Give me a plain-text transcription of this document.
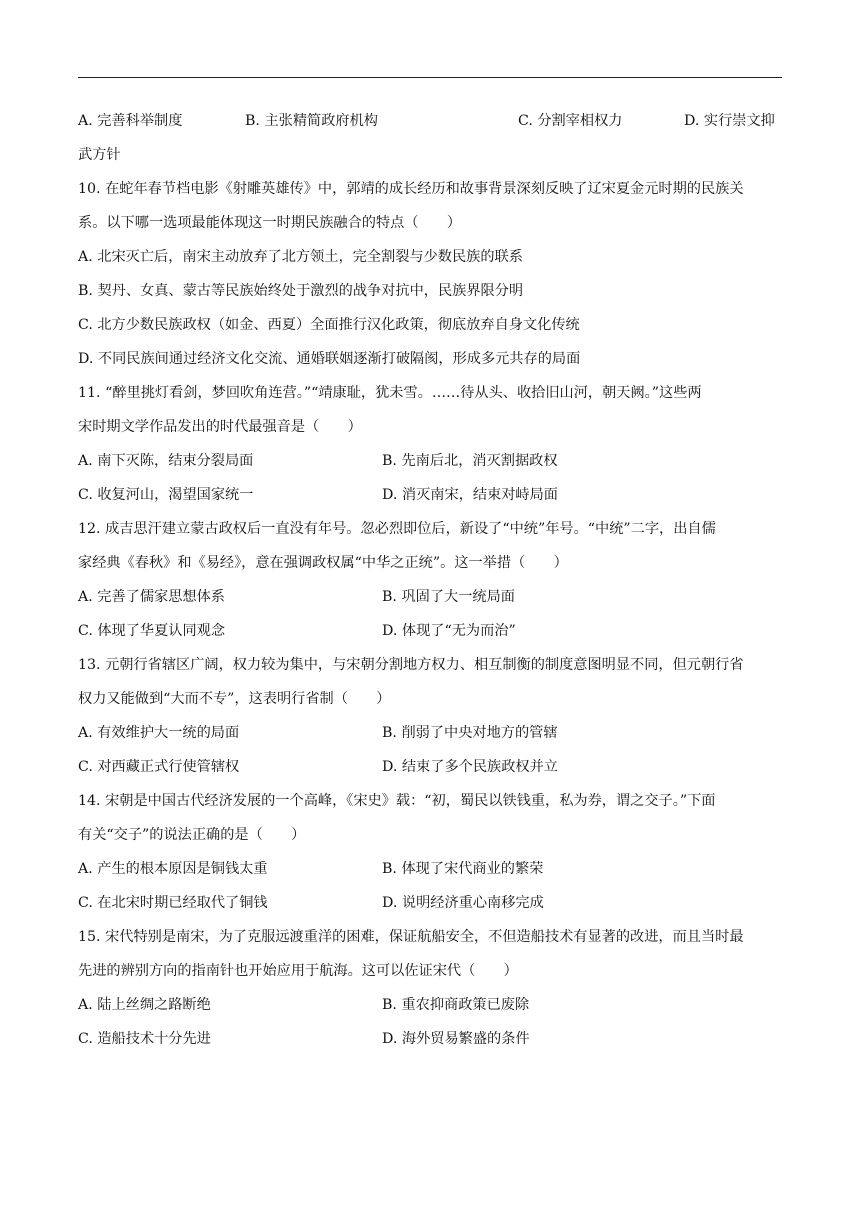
A. 完善科举制度	B. 主张精简政府机构	C. 分割宰相权力	D. 实行崇文抑
武方针
10. 在蛇年春节档电影《射雕英雄传》中，郭靖的成长经历和故事背景深刻反映了辽宋夏金元时期的民族关
系。以下哪一选项最能体现这一时期民族融合的特点（　　）
A. 北宋灭亡后，南宋主动放弃了北方领土，完全割裂与少数民族的联系
B. 契丹、女真、蒙古等民族始终处于激烈的战争对抗中，民族界限分明
C. 北方少数民族政权（如金、西夏）全面推行汉化政策，彻底放弃自身文化传统
D. 不同民族间通过经济文化交流、通婚联姻逐渐打破隔阂，形成多元共存的局面
11. “醉里挑灯看剑，梦回吹角连营。”“靖康耻，犹未雪。……待从头、收拾旧山河，朝天阙。”这些两
宋时期文学作品发出的时代最强音是（　　）
A. 南下灭陈，结束分裂局面	B. 先南后北，消灭割据政权
C. 收复河山，渴望国家统一	D. 消灭南宋，结束对峙局面
12. 成吉思汗建立蒙古政权后一直没有年号。忽必烈即位后，新设了“中统”年号。“中统”二字，出自儒
家经典《春秋》和《易经》，意在强调政权属“中华之正统”。这一举措（　　）
A. 完善了儒家思想体系	B. 巩固了大一统局面
C. 体现了华夏认同观念	D. 体现了“无为而治”
13. 元朝行省辖区广阔，权力较为集中，与宋朝分割地方权力、相互制衡的制度意图明显不同，但元朝行省
权力又能做到“大而不专”，这表明行省制（　　）
A. 有效维护大一统的局面	B. 削弱了中央对地方的管辖
C. 对西藏正式行使管辖权	D. 结束了多个民族政权并立
14. 宋朝是中国古代经济发展的一个高峰，《宋史》载：“初，蜀民以铁钱重，私为券，谓之交子。”下面
有关“交子”的说法正确的是（　　）
A. 产生的根本原因是铜钱太重	B. 体现了宋代商业的繁荣
C. 在北宋时期已经取代了铜钱	D. 说明经济重心南移完成
15. 宋代特别是南宋，为了克服远渡重洋的困难，保证航船安全，不但造船技术有显著的改进，而且当时最
先进的辨别方向的指南针也开始应用于航海。这可以佐证宋代（　　）
A. 陆上丝绸之路断绝	B. 重农抑商政策已废除
C. 造船技术十分先进	D. 海外贸易繁盛的条件
